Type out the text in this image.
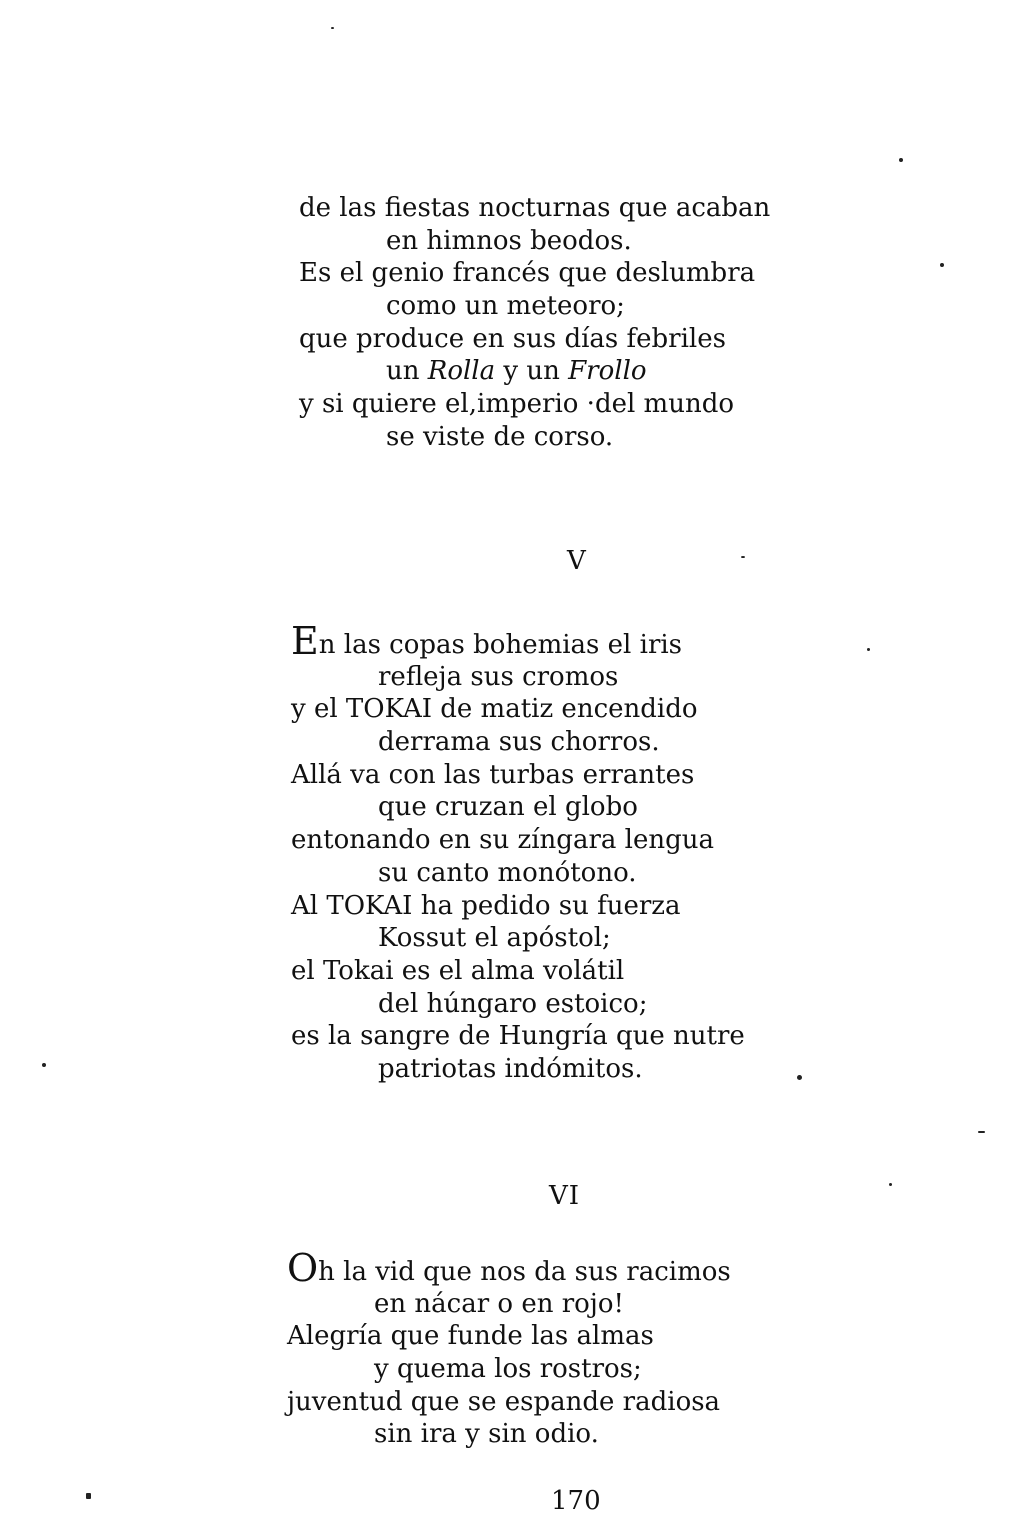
de las fiestas nocturnas que acaban
en himnos beodos.
Es el genio francés que deslumbra
como un meteoro;
que produce en sus días febriles
un Rolla y un Frollo
y si quiere el,imperio ·del mundo
se viste de corso.
V
En las copas bohemias el iris
refleja sus cromos
y el TOKAI de matiz encendido
derrama sus chorros.
Allá va con las turbas errantes
que cruzan el globo
entonando en su zíngara lengua
su canto monótono.
Al TOKAI ha pedido su fuerza
Kossut el apóstol;
el Tokai es el alma volátil
del húngaro estoico;
es la sangre de Hungría que nutre
patriotas indómitos.
VI
Oh la vid que nos da sus racimos
en nácar o en rojo!
Alegría que funde las almas
y quema los rostros;
juventud que se espande radiosa
sin ira y sin odio.
170
